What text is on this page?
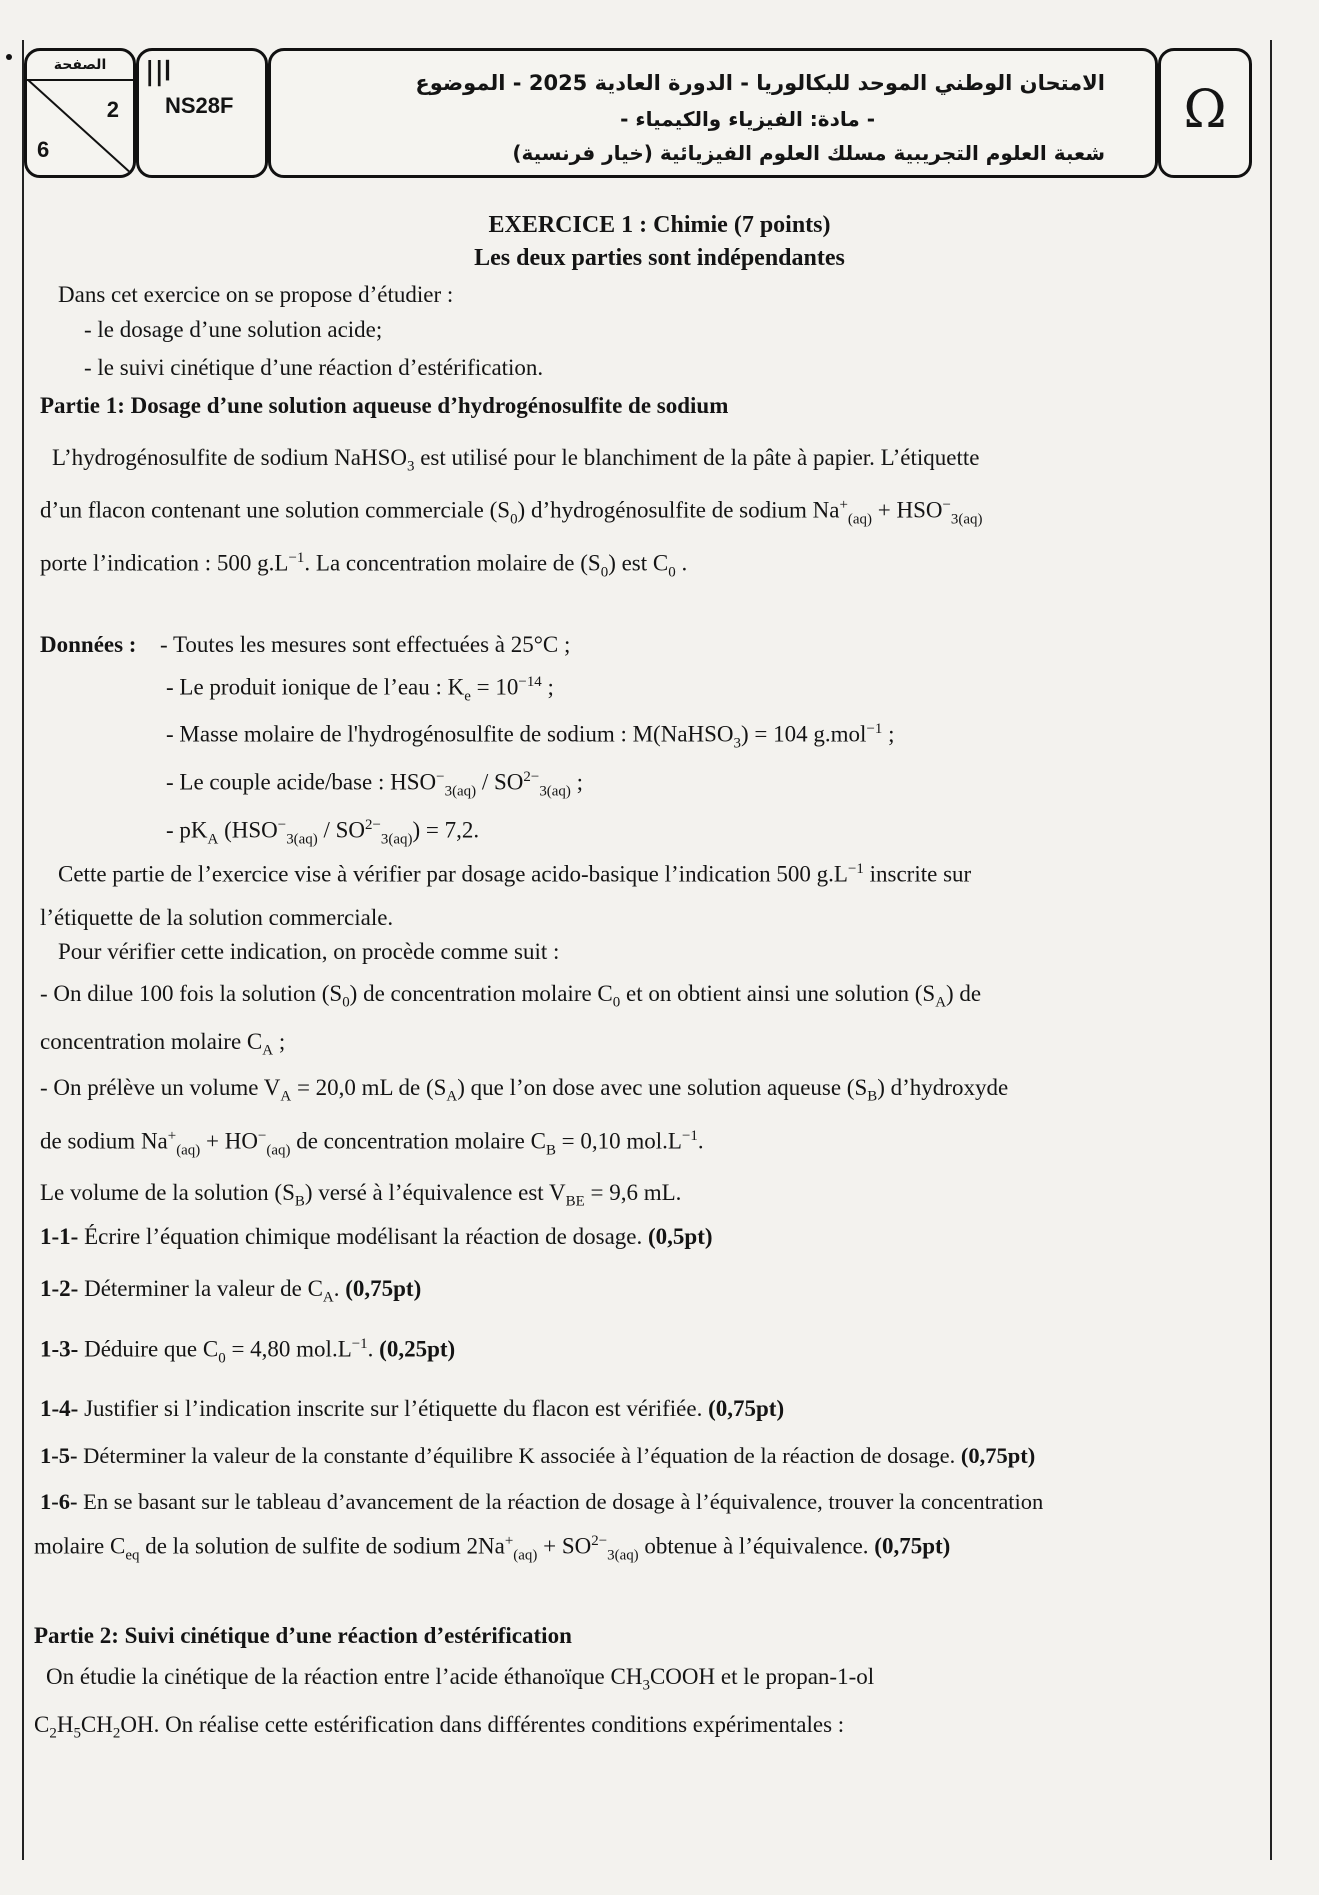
الصفحة
2
6
||ا
NS28F
الامتحان الوطني الموحد للبكالوريا - الدورة العادية 2025 - الموضوع
- مادة: الفيزياء والكيمياء -
شعبة العلوم التجريبية مسلك العلوم الفيزيائية (خيار فرنسية)
Ω
EXERCICE 1 : Chimie (7 points)
Les deux parties sont indépendantes
Dans cet exercice on se propose d’étudier :
- le dosage d’une solution acide;
- le suivi cinétique d’une réaction d’estérification.
Partie 1: Dosage d’une solution aqueuse d’hydrogénosulfite de sodium
L’hydrogénosulfite de sodium NaHSO$_3$ est utilisé pour le blanchiment de la pâte à papier. L’étiquette
d’un flacon contenant une solution commerciale $(S_0)$ d’hydrogénosulfite de sodium $Na^+_{(aq)} + HSO^-_{3(aq)}$
porte l’indication : 500 $g.L^{-1}$. La concentration molaire de $(S_0)$ est $C_0$ .
Données : - Toutes les mesures sont effectuées à 25°C ;
- Le produit ionique de l’eau : $K_e = 10^{-14}$ ;
- Masse molaire de l'hydrogénosulfite de sodium : M(NaHSO$_3$) = 104 g.mol$^{-1}$ ;
- Le couple acide/base : $HSO^-_{3(aq)} / SO^{2-}_{3(aq)}$ ;
- $pK_A$ $(HSO^-_{3(aq)} / SO^{2-}_{3(aq)}) = 7,2$.
Cette partie de l’exercice vise à vérifier par dosage acido-basique l’indication 500 $g.L^{-1}$ inscrite sur
l’étiquette de la solution commerciale.
Pour vérifier cette indication, on procède comme suit :
- On dilue 100 fois la solution $(S_0)$ de concentration molaire $C_0$ et on obtient ainsi une solution $(S_A)$ de
concentration molaire $C_A$ ;
- On prélève un volume $V_A = 20,0$ mL de $(S_A)$ que l’on dose avec une solution aqueuse $(S_B)$ d’hydroxyde
de sodium $Na^+_{(aq)} + HO^-_{(aq)}$ de concentration molaire $C_B = 0,10$ $mol.L^{-1}$.
Le volume de la solution $(S_B)$ versé à l’équivalence est $V_{BE} = 9,6$ mL.
1-1- Écrire l’équation chimique modélisant la réaction de dosage. (0,5pt)
1-2- Déterminer la valeur de $C_A$. (0,75pt)
1-3- Déduire que $C_0 = 4,80$ $mol.L^{-1}$. (0,25pt)
1-4- Justifier si l’indication inscrite sur l’étiquette du flacon est vérifiée. (0,75pt)
1-5- Déterminer la valeur de la constante d’équilibre K associée à l’équation de la réaction de dosage. (0,75pt)
1-6- En se basant sur le tableau d’avancement de la réaction de dosage à l’équivalence, trouver la concentration
molaire $C_{eq}$ de la solution de sulfite de sodium $2Na^+_{(aq)} + SO^{2-}_{3(aq)}$ obtenue à l’équivalence. (0,75pt)
Partie 2: Suivi cinétique d’une réaction d’estérification
On étudie la cinétique de la réaction entre l’acide éthanoïque $CH_3COOH$ et le propan-1-ol
$C_2H_5CH_2OH$. On réalise cette estérification dans différentes conditions expérimentales :
